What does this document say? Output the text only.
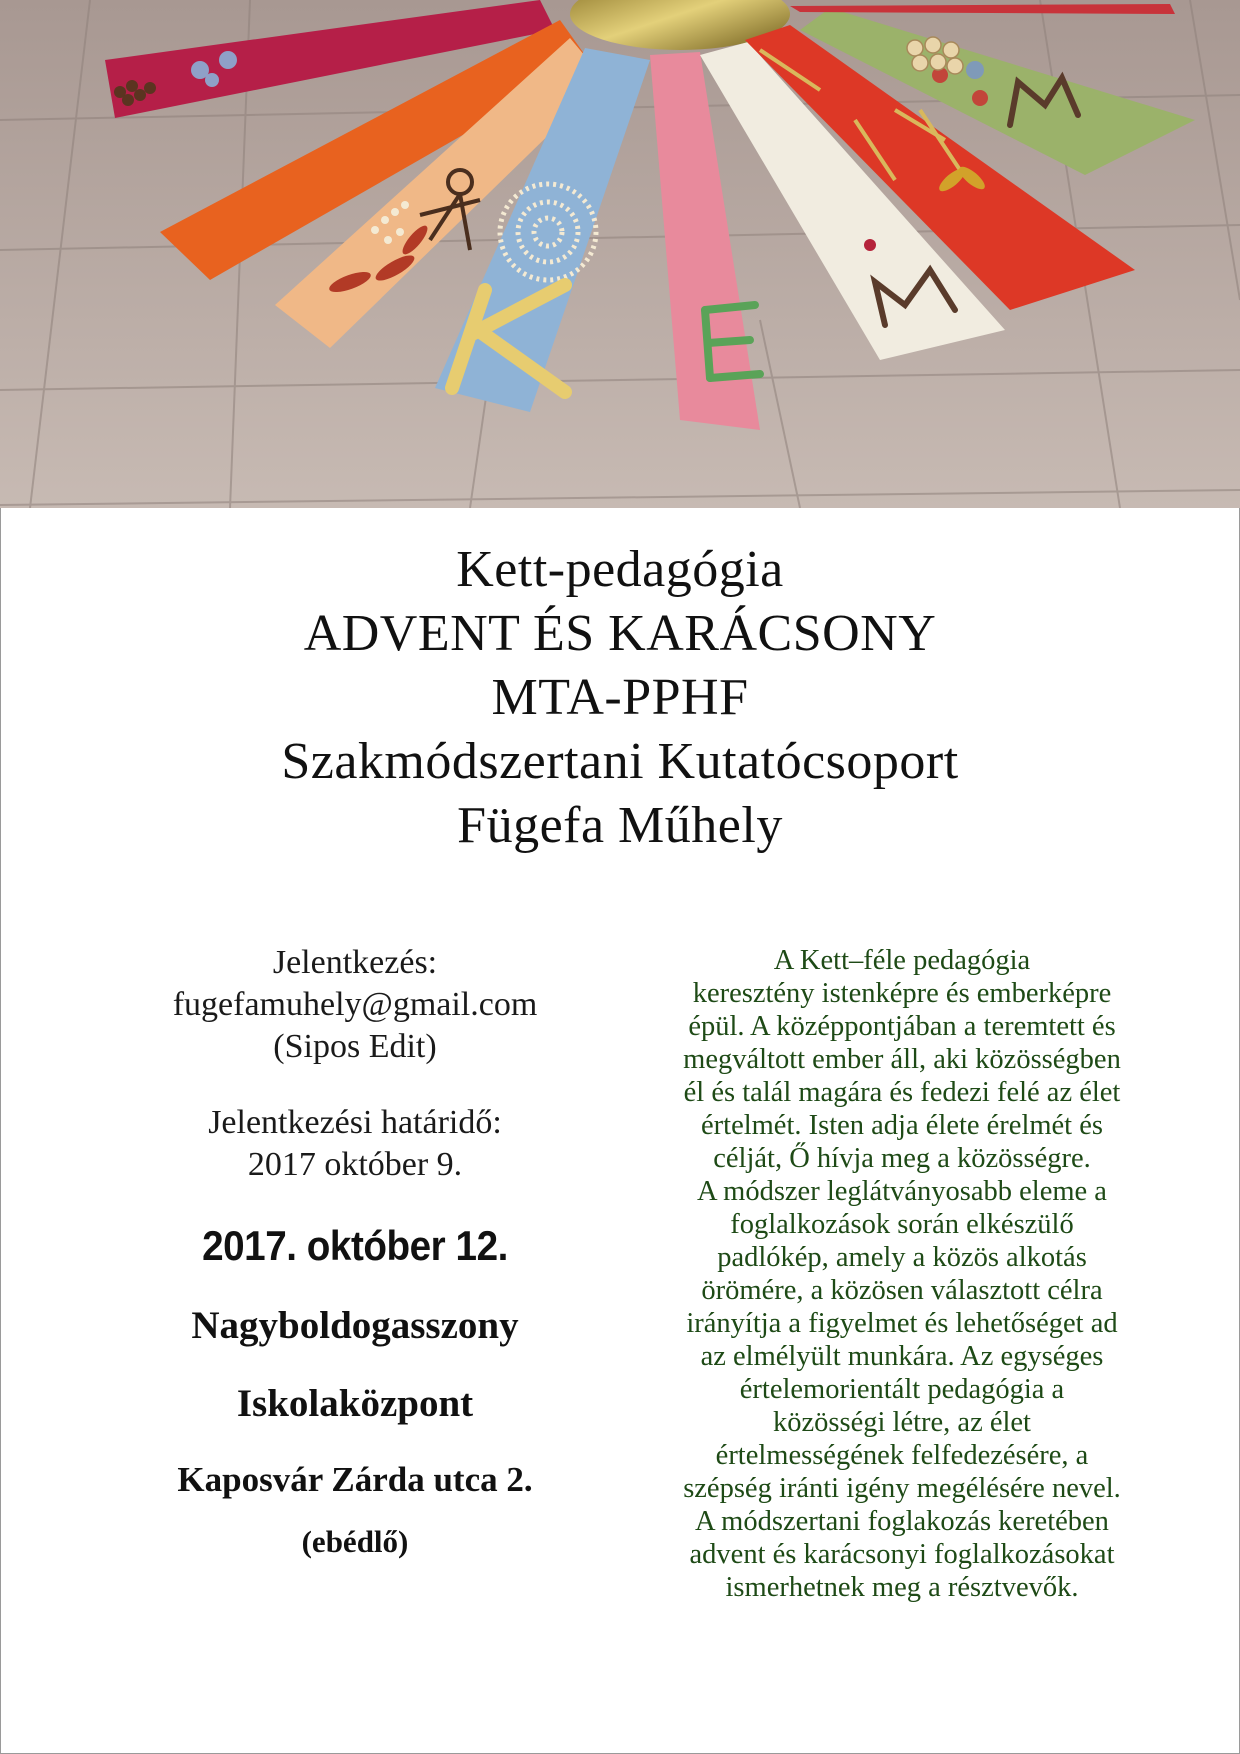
Kett-pedagógia
ADVENT ÉS KARÁCSONY
MTA-PPHF
Szakmódszertani Kutatócsoport
Fügefa Műhely
Jelentkezés:
fugefamuhely@gmail.com
(Sipos Edit)
Jelentkezési határidő:
2017 október 9.
2017. október 12.
Nagyboldogasszony
Iskolaközpont
Kaposvár Zárda utca 2.
(ebédlő)
A Kett–féle pedagógia
keresztény istenképre és emberképre
épül. A középpontjában a teremtett és
megváltott ember áll, aki közösségben
él és talál magára és fedezi felé az élet
értelmét. Isten adja élete érelmét és
célját, Ő hívja meg a közösségre.
A módszer leglátványosabb eleme a
foglalkozások során elkészülő
padlókép, amely a közös alkotás
örömére, a közösen választott célra
irányítja a figyelmet és lehetőséget ad
az elmélyült munkára. Az egységes
értelemorientált pedagógia a
közösségi létre, az élet
értelmességének felfedezésére, a
szépség iránti igény megélésére nevel.
A módszertani foglakozás keretében
advent és karácsonyi foglalkozásokat
ismerhetnek meg a résztvevők.
